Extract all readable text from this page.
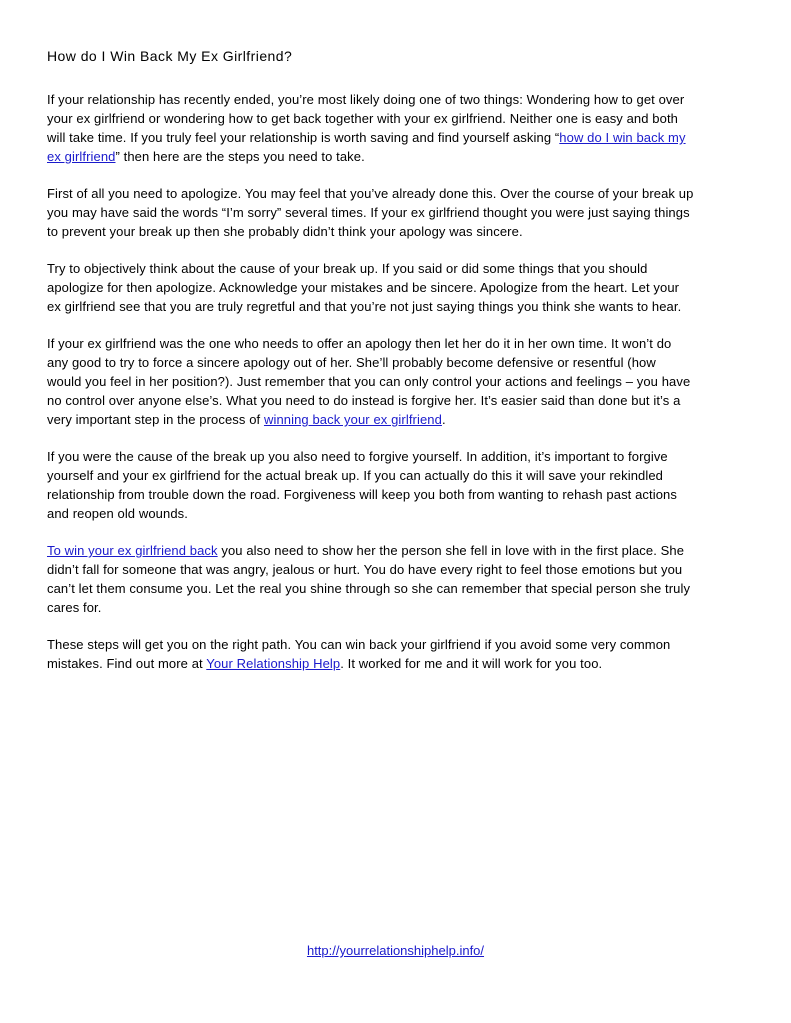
How do I Win Back My Ex Girlfriend?

If your relationship has recently ended, you’re most likely doing one of two things: Wondering how to get over
your ex girlfriend or wondering how to get back together with your ex girlfriend. Neither one is easy and both
will take time. If you truly feel your relationship is worth saving and find yourself asking “how do I win back my
ex girlfriend” then here are the steps you need to take.

First of all you need to apologize. You may feel that you’ve already done this. Over the course of your break up
you may have said the words “I’m sorry” several times. If your ex girlfriend thought you were just saying things
to prevent your break up then she probably didn’t think your apology was sincere.

Try to objectively think about the cause of your break up. If you said or did some things that you should
apologize for then apologize. Acknowledge your mistakes and be sincere. Apologize from the heart. Let your
ex girlfriend see that you are truly regretful and that you’re not just saying things you think she wants to hear.

If your ex girlfriend was the one who needs to offer an apology then let her do it in her own time. It won’t do
any good to try to force a sincere apology out of her. She’ll probably become defensive or resentful (how
would you feel in her position?). Just remember that you can only control your actions and feelings – you have
no control over anyone else’s. What you need to do instead is forgive her. It’s easier said than done but it’s a
very important step in the process of winning back your ex girlfriend.

If you were the cause of the break up you also need to forgive yourself. In addition, it’s important to forgive
yourself and your ex girlfriend for the actual break up. If you can actually do this it will save your rekindled
relationship from trouble down the road. Forgiveness will keep you both from wanting to rehash past actions
and reopen old wounds.

To win your ex girlfriend back you also need to show her the person she fell in love with in the first place. She
didn’t fall for someone that was angry, jealous or hurt. You do have every right to feel those emotions but you
can’t let them consume you. Let the real you shine through so she can remember that special person she truly
cares for.

These steps will get you on the right path. You can win back your girlfriend if you avoid some very common
mistakes. Find out more at Your Relationship Help. It worked for me and it will work for you too.

http://yourrelationshiphelp.info/
